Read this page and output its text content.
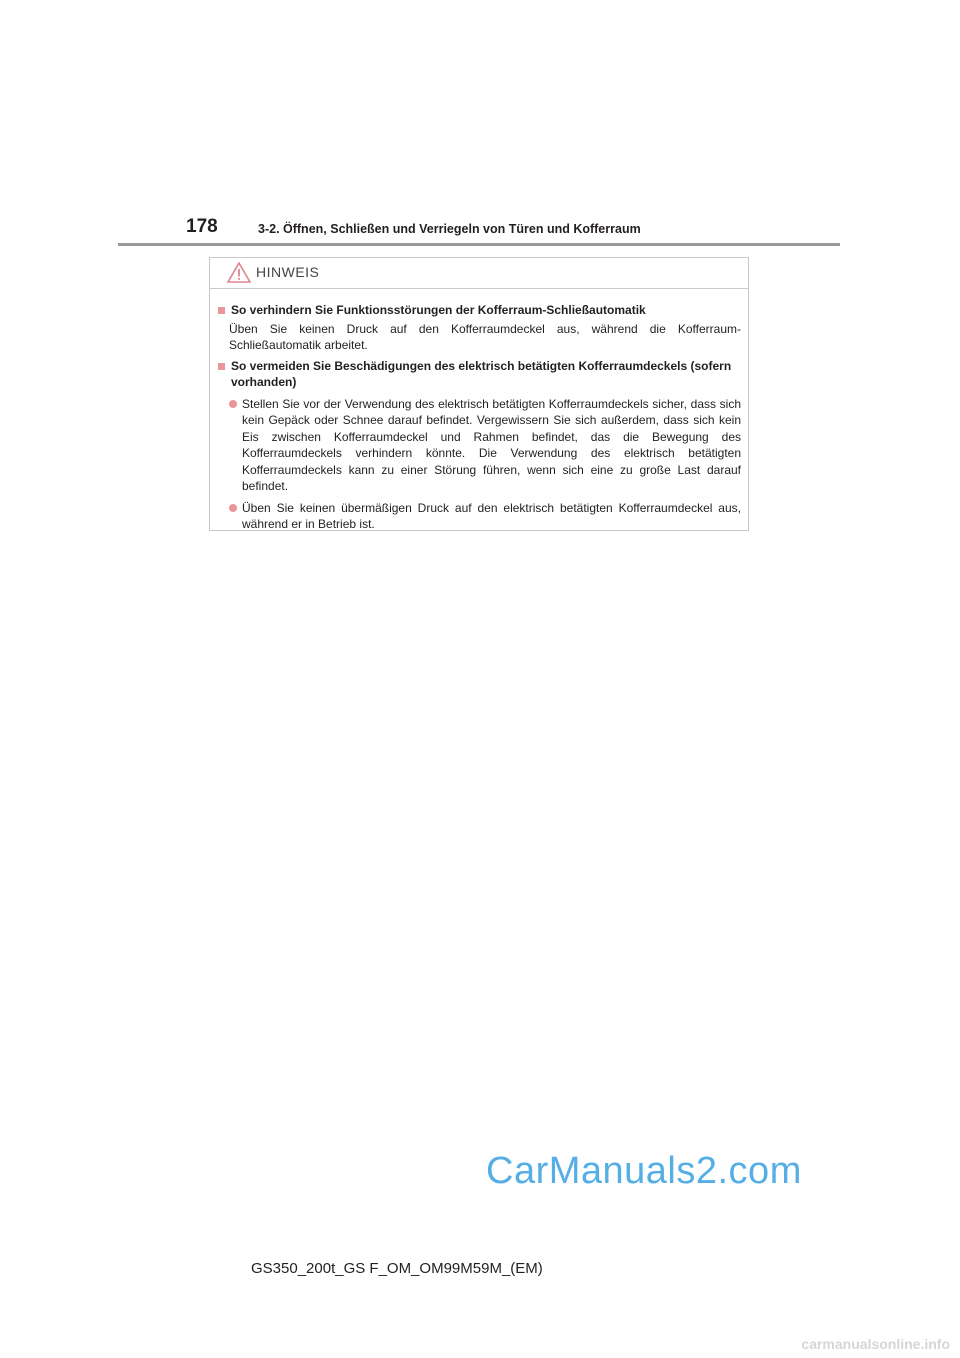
178	3-2. Öffnen, Schließen und Verriegeln von Türen und Kofferraum
HINWEIS
So verhindern Sie Funktionsstörungen der Kofferraum-Schließautomatik
Üben Sie keinen Druck auf den Kofferraumdeckel aus, während die Kofferraum-Schließautomatik arbeitet.
So vermeiden Sie Beschädigungen des elektrisch betätigten Kofferraumdeckels (sofern vorhanden)
Stellen Sie vor der Verwendung des elektrisch betätigten Kofferraumdeckels sicher, dass sich kein Gepäck oder Schnee darauf befindet. Vergewissern Sie sich außerdem, dass sich kein Eis zwischen Kofferraumdeckel und Rahmen befindet, das die Bewegung des Kofferraumdeckels verhindern könnte. Die Verwendung des elektrisch betätigten Kofferraumdeckels kann zu einer Störung führen, wenn sich eine zu große Last darauf befindet.
Üben Sie keinen übermäßigen Druck auf den elektrisch betätigten Kofferraumdeckel aus, während er in Betrieb ist.
CarManuals2.com
GS350_200t_GS F_OM_OM99M59M_(EM)
carmanualsonline.info
